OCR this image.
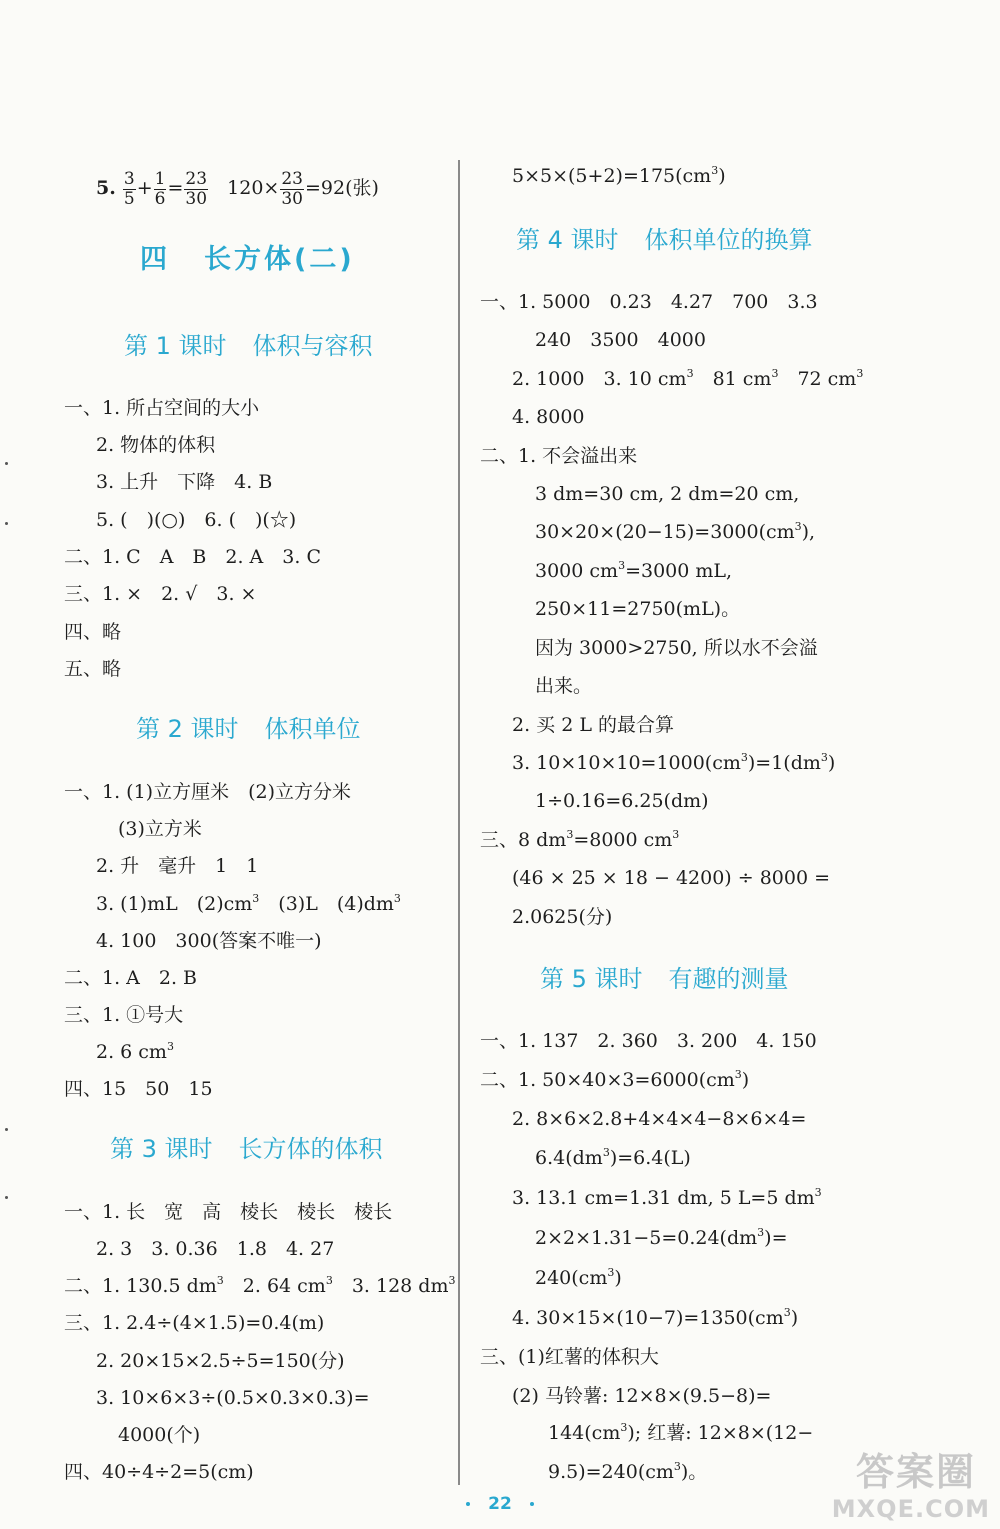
5. $\frac{3}{5} + \frac{1}{6} = \frac{23}{30} 120\times \frac{23}{30} =92$(张)
四 长方体(二)
第 1 课时 体积与容积
一、1. 所占空间的大小
2. 物体的体积
3. 上升　下降　4. B
5. (　)(○)　6. (　)(☆)
二、1. C　A　B　2. A　3. C
三、1. ×　2. √　3. ×
四、略
五、略
第 2 课时 体积单位
一、1. (1)立方厘米　(2)立方分米
(3)立方米
2. 升　毫升　1　1
3. (1)mL　$(2)cm^3$　(3)L　$(4)dm^3$
4. 100　300(答案不唯一)
二、1. A　2. B
三、1. ①号大
2. 6 $cm^3$
四、15　50　15
第 3 课时 长方体的体积
一、1. 长　宽　高　棱长　棱长　棱长
2. 3　3. 0.36　1.8　4. 27
二、1. 130.5 $dm^3$　2. 64 $cm^3$　3. 128 $dm^3$
三、1. 2.4÷(4×1.5)=0.4(m)
2. 20×15×2.5÷5=150(分)
3. 10×6×3÷(0.5×0.3×0.3)=
4000(个)
四、40÷4÷2=5(cm)
$5\times 5\times(5+2)=175(cm^3)$
第 4 课时 体积单位的换算
一、1. 5000　0.23　4.27　700　3.3
240　3500　4000
2. 1000　3. 10 $cm^3$　81 $cm^3$　72 $cm^3$
4. 8000
二、1. 不会溢出来
3 dm=30 cm, 2 dm=20 cm,
$30\times 20\times(20-15)=3000(cm^3)$,
3000 $cm^3=3000$ mL,
250×11=2750(mL)。
因为 3000>2750, 所以水不会溢
出来。
2. 买 2 L 的最合算
3. $10\times 10\times 10=1000(cm^3)=1(dm^3)$
1÷0.16=6.25(dm)
三、8 $dm^3=8000$ $cm^3$
(46 × 25 × 18 − 4200) ÷ 8000 =
2.0625(分)
第 5 课时 有趣的测量
一、1. 137　2. 360　3. 200　4. 150
二、1. $50\times 40\times 3=6000(cm^3)$
2. 8×6×2.8+4×4×4−8×6×4=
$6.4(dm^3)=6.4(L)$
3. 13.1 cm=1.31 dm, 5 L=5 $dm^3$
$2\times 2\times 1.31-5=0.24(dm^3)=$
$240(cm^3)$
4. $30\times 15\times(10-7)=1350(cm^3)$
三、(1)红薯的体积大
(2) 马铃薯: 12×8×(9.5−8)=
$144(cm^3)$; 红薯: 12×8×(12−
$9.5)=240(cm^3)$。
22
答案圈
MXQE.COM
